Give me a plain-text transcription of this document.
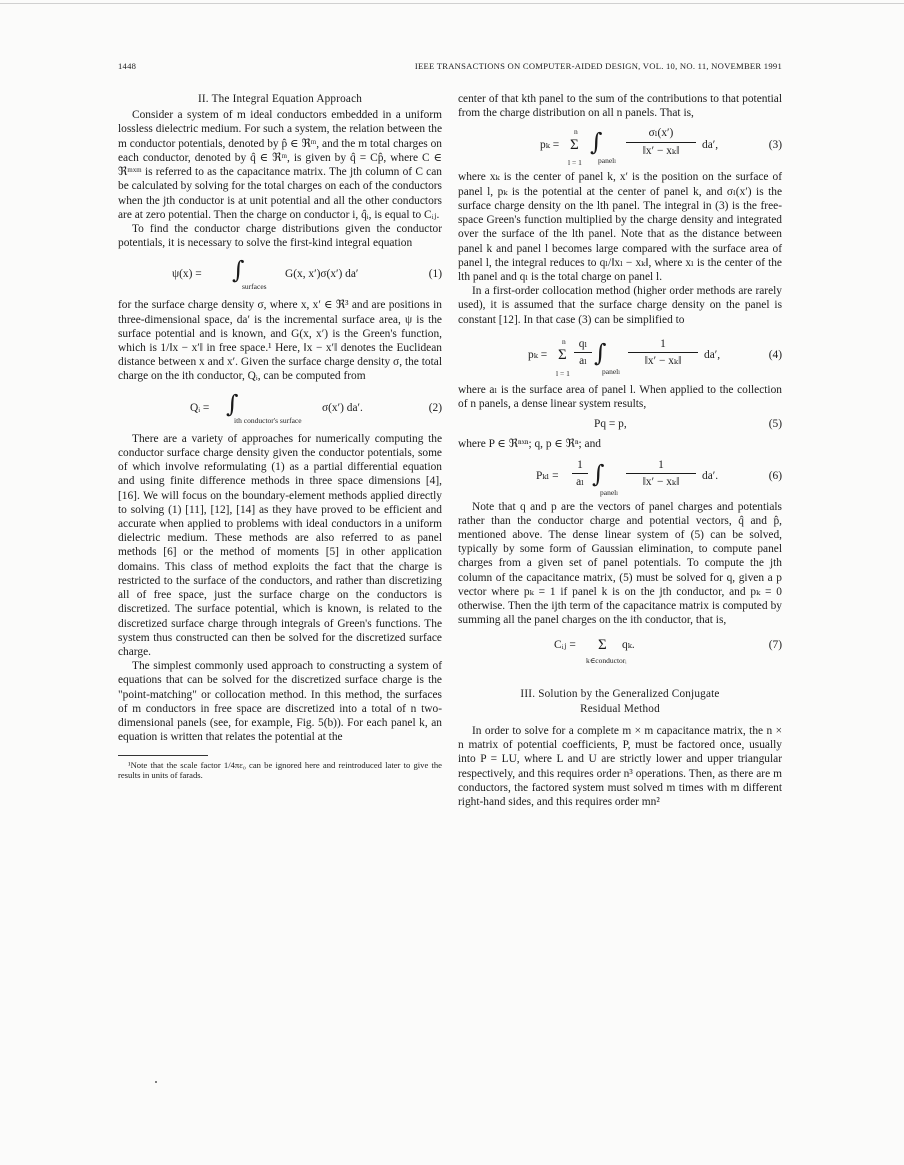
1448	IEEE TRANSACTIONS ON COMPUTER-AIDED DESIGN, VOL. 10, NO. 11, NOVEMBER 1991
II. The Integral Equation Approach

Consider a system of m ideal conductors embedded in a uniform lossless dielectric medium. For such a system, the relation between the m conductor potentials, denoted by p̂ ∈ ℜᵐ, and the m total charges on each conductor, denoted by q̂ ∈ ℜᵐ, is given by q̂ = Cp̂, where C ∈ ℜᵐˣᵐ is referred to as the capacitance matrix. The jth column of C can be calculated by solving for the total charges on each of the conductors when the jth conductor is at unit potential and all the other conductors are at zero potential. Then the charge on conductor i, q̂ᵢ, is equal to Cᵢⱼ.

To find the conductor charge distributions given the conductor potentials, it is necessary to solve the first-kind integral equation

ψ(x) = ∫
surfaces
G(x, x′)σ(x′) da′	(1)

for the surface charge density σ, where x, x′ ∈ ℜ³ and are positions in three-dimensional space, da′ is the incremental surface area, ψ is the surface potential and is known, and G(x, x′) is the Green's function, which is 1/‖x − x′‖ in free space.¹ Here, ‖x − x′‖ denotes the Euclidean distance between x and x′. Given the surface charge density σ, the total charge on the ith conductor, Qᵢ, can be computed from

Qᵢ = ∫
ith conductor's surface
σ(x′) da′.	(2)

There are a variety of approaches for numerically computing the conductor surface charge density given the conductor potentials, some of which involve reformulating (1) as a partial differential equation and using finite difference methods in three space dimensions [4], [16]. We will focus on the boundary-element methods applied directly to solving (1) [11], [12], [14] as they have proved to be efficient and accurate when applied to problems with ideal conductors in a uniform dielectric medium. These methods are also referred to as panel methods [6] or the method of moments [5] in other application domains. This class of method exploits the fact that the charge is restricted to the surface of the conductors, and rather than discretizing all of free space, just the surface charge on the conductors is discretized. The surface potential, which is known, is related to the discretized surface charge through integrals of Green's functions. The system thus constructed can then be solved for the discretized surface charge.

The simplest commonly used approach to constructing a system of equations that can be solved for the discretized surface charge is the "point-matching" or collocation method. In this method, the surfaces of m conductors in free space are discretized into a total of n two-dimensional panels (see, for example, Fig. 5(b)). For each panel k, an equation is written that relates the potential at the

¹Note that the scale factor 1/4πε₀ can be ignored here and reintroduced later to give the results in units of farads.

center of that kth panel to the sum of the contributions to that potential from the charge distribution on all n panels. That is,

pₖ =
n
Σ
l = 1
∫
panelₗ
$\frac{\text{σₗ(x′)}}{\text{‖x′ − xₖ‖}} da'$,	(3)

where xₖ is the center of panel k, x′ is the position on the surface of panel l, pₖ is the potential at the center of panel k, and σₗ(x′) is the surface charge density on the lth panel. The integral in (3) is the free-space Green's function multiplied by the charge density and integrated over the surface of the lth panel. Note that as the distance between panel k and panel l becomes large compared with the surface area of panel l, the integral reduces to qₗ/‖xₗ − xₖ‖, where xₗ is the center of the lth panel and qₗ is the total charge on panel l.

In a first-order collocation method (higher order methods are rarely used), it is assumed that the surface charge density on the panel is constant [12]. In that case (3) can be simplified to

pₖ =
n
Σ
l = 1
$\frac{\text{qₗ}}{\text{aₗ}}$ ∫
panelₗ
$\frac{1}{\text{‖x′ − xₖ‖}} da'$,	(4)

where aₗ is the surface area of panel l. When applied to the collection of n panels, a dense linear system results,

Pq = p,	(5)

where P ∈ ℜⁿˣⁿ; q, p ∈ ℜⁿ; and

$P_{kl} = \frac{1}{\text{aₗ}}$ ∫
panelₗ
$\frac{1}{\text{‖x′ − xₖ‖}} da'$.	(6)

Note that q and p are the vectors of panel charges and potentials rather than the conductor charge and potential vectors, q̂ and p̂, mentioned above. The dense linear system of (5) can be solved, typically by some form of Gaussian elimination, to compute panel charges from a given set of panel potentials. To compute the jth column of the capacitance matrix, (5) must be solved for q, given a p vector where pₖ = 1 if panel k is on the jth conductor, and pₖ = 0 otherwise. Then the ijth term of the capacitance matrix is computed by summing all the panel charges on the ith conductor, that is,

Cᵢⱼ = Σ
k∈conductorᵢ
qₖ.	(7)
III. Solution by the Generalized Conjugate
Residual Method

In order to solve for a complete m × m capacitance matrix, the n × n matrix of potential coefficients, P, must be factored once, usually into P = LU, where L and U are strictly lower and upper triangular respectively, and this requires order n³ operations. Then, as there are m conductors, the factored system must solved m times with m different right-hand sides, and this requires order mn²
